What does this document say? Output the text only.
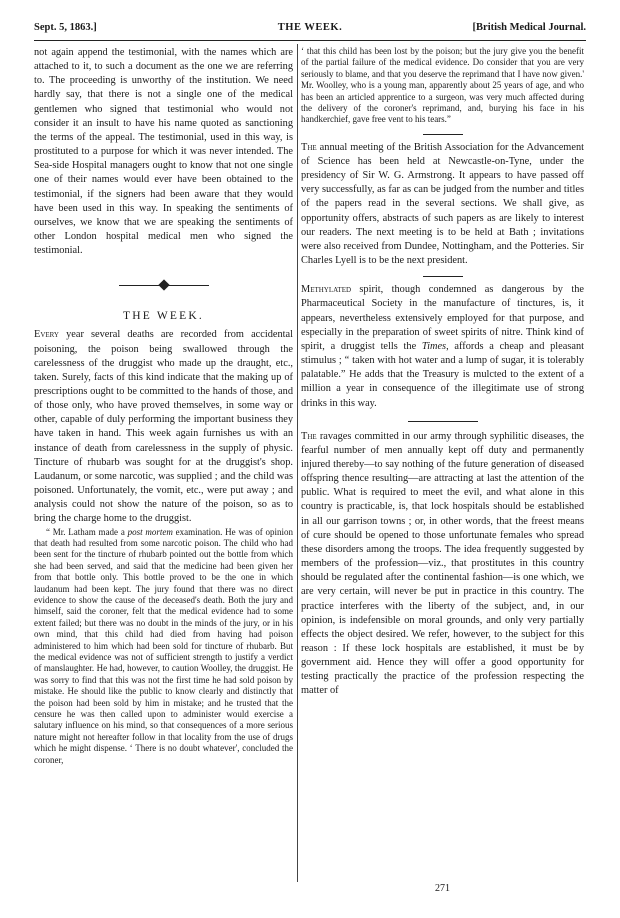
Sept. 5, 1863.]	THE WEEK.	[British Medical Journal.

not again append the testimonial, with the names which are attached to it, to such a document as the one we are referring to. The proceeding is unworthy of the institution. We need hardly say, that there is not a single one of the medical gentlemen who signed that testimonial who would not consider it an insult to have his name quoted as sanctioning the terms of the appeal. The testimonial, used in this way, is prostituted to a purpose for which it was never intended. The Sea-side Hospital managers ought to know that not one single one of their names would ever have been obtained to the testimonial, if the signers had been aware that they would have been used in this way. In speaking the sentiments of ourselves, we know that we are speaking the sentiments of other London hospital medical men who signed the testimonial.

THE WEEK.

Every year several deaths are recorded from accidental poisoning, the poison being swallowed through the carelessness of the druggist who made up the draught, etc., taken. Surely, facts of this kind indicate that the making up of prescriptions ought to be committed to the hands of those, and of those only, who have proved themselves, in some way or other, capable of duly performing the important business they have taken in hand. This week again furnishes us with an instance of death from carelessness in the supply of physic. Tincture of rhubarb was sought for at the druggist's shop. Laudanum, or some narcotic, was supplied ; and the child was poisoned. Unfortunately, the vomit, etc., were put away ; and analysis could not show the nature of the poison, so as to bring the charge home to the druggist.

“ Mr. Latham made a post mortem examination. He was of opinion that death had resulted from some narcotic poison. The child who had been sent for the tincture of rhubarb pointed out the bottle from which she had been served, and said that the medicine had been given her from that bottle only. This bottle proved to be the one in which laudanum had been kept. The jury found that there was no direct evidence to show the cause of the deceased's death. Both the jury and himself, said the coroner, felt that the medical evidence had to some extent failed; but there was no doubt in the minds of the jury, or in his own mind, that this child had died from having had poison administered to him which had been sold for tincture of rhubarb. But the medical evidence was not of sufficient strength to justify a verdict of manslaughter. He had, however, to caution Woolley, the druggist. He was sorry to find that this was not the first time he had sold poison by mistake. He should like the public to know clearly and distinctly that the poison had been sold by him in mistake; and he trusted that the censure he was then called upon to administer would exercise a salutary influence on his mind, so that consequences of a more serious nature might not hereafter follow in that locality from the use of drugs which he might dispense. ‘ There is no doubt whatever', concluded the coroner,

‘ that this child has been lost by the poison; but the jury give you the benefit of the partial failure of the medical evidence. Do consider that you are very seriously to blame, and that you deserve the reprimand that I have now given.' Mr. Woolley, who is a young man, apparently about 25 years of age, and who has been an articled apprentice to a surgeon, was very much affected during the delivery of the coroner's reprimand, and, burying his face in his handkerchief, gave free vent to his tears.”

The annual meeting of the British Association for the Advancement of Science has been held at Newcastle-on-Tyne, under the presidency of Sir W. G. Armstrong. It appears to have passed off very successfully, as far as can be judged from the number and titles of the papers read in the several sections. We shall give, as opportunity offers, abstracts of such papers as are likely to interest our readers. The next meeting is to be held at Bath ; invitations were also received from Dundee, Nottingham, and the Potteries. Sir Charles Lyell is to be the next president.

Methylated spirit, though condemned as dangerous by the Pharmaceutical Society in the manufacture of tinctures, is, it appears, nevertheless extensively employed for that purpose, and especially in the preparation of sweet spirits of nitre. Think kind of spirit, a druggist tells the Times, affords a cheap and pleasant stimulus ; “ taken with hot water and a lump of sugar, it is tolerably palatable.” He adds that the Treasury is mulcted to the extent of a million a year in consequence of the illegitimate use of strong drinks in this way.

The ravages committed in our army through syphilitic diseases, the fearful number of men annually kept off duty and permanently injured thereby—to say nothing of the future generation of diseased offspring thence resulting—are attracting at last the attention of the public. What is required to meet the evil, and what alone in this country is practicable, is, that lock hospitals should be established in all our garrison towns ; or, in other words, that the freest means of cure should be opened to those unfortunate females who spread these disorders among the troops. The idea frequently suggested by members of the profession—viz., that prostitutes in this country should be regulated after the continental fashion—is one which, we are very certain, will never be put in practice in this country. The practice interferes with the liberty of the subject, and, in our opinion, is indefensible on moral grounds, and only very partially effects the object desired. We refer, however, to the subject for this reason : If these lock hospitals are established, it must be by government aid. Hence they will offer a good opportunity for testing practically the practice of the profession respecting the matter of

271
